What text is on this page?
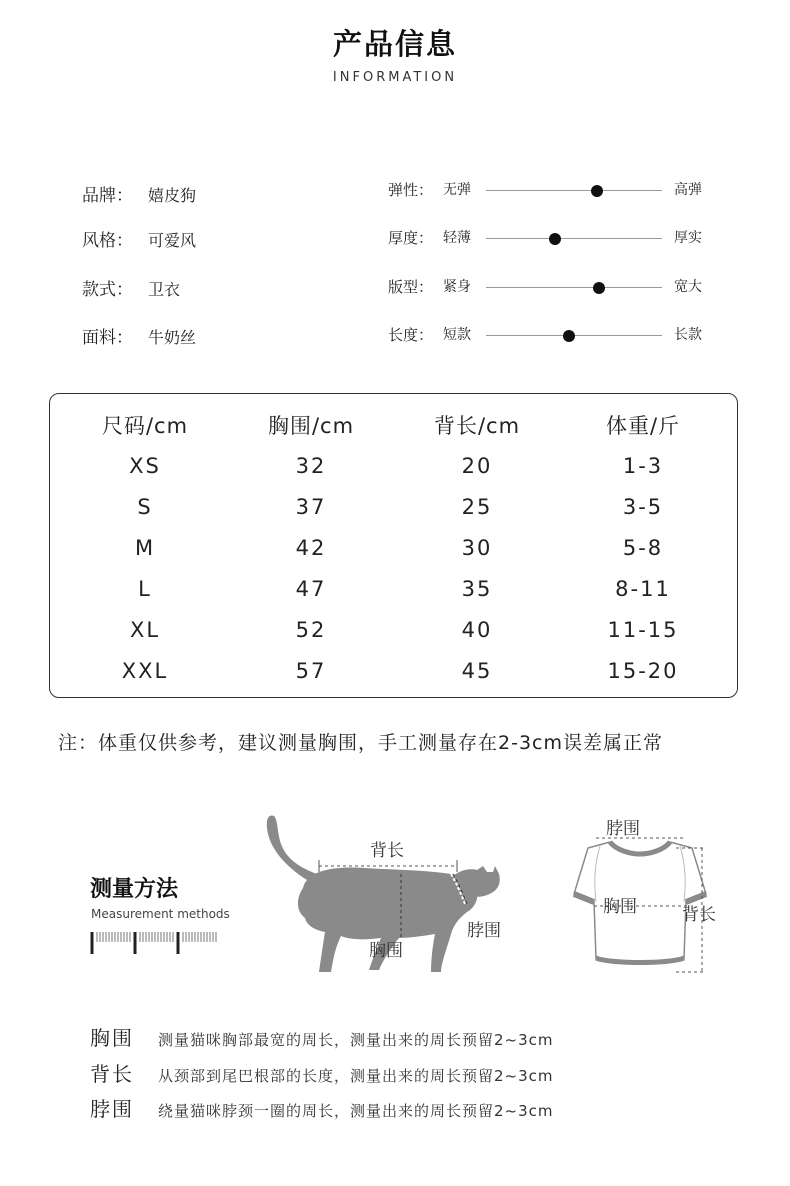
产品信息
INFORMATION
品牌： 嬉皮狗
风格： 可爱风
款式： 卫衣
面料： 牛奶丝
弹性： 无弹	高弹
厚度： 轻薄	厚实
版型： 紧身	宽大
长度： 短款	长款
尺码/cm	胸围/cm	背长/cm	体重/斤
XS	32	20	1-3
S	37	25	3-5
M	42	30	5-8
L	47	35	8-11
XL	52	40	11-15
XXL	57	45	15-20
注：体重仅供参考，建议测量胸围，手工测量存在2-3cm误差属正常
测量方法
Measurement methods
背长
脖围
胸围
脖围
胸围	背长
胸围 测量猫咪胸部最宽的周长，测量出来的周长预留2~3cm
背长 从颈部到尾巴根部的长度，测量出来的周长预留2~3cm
脖围 绕量猫咪脖颈一圈的周长，测量出来的周长预留2~3cm
